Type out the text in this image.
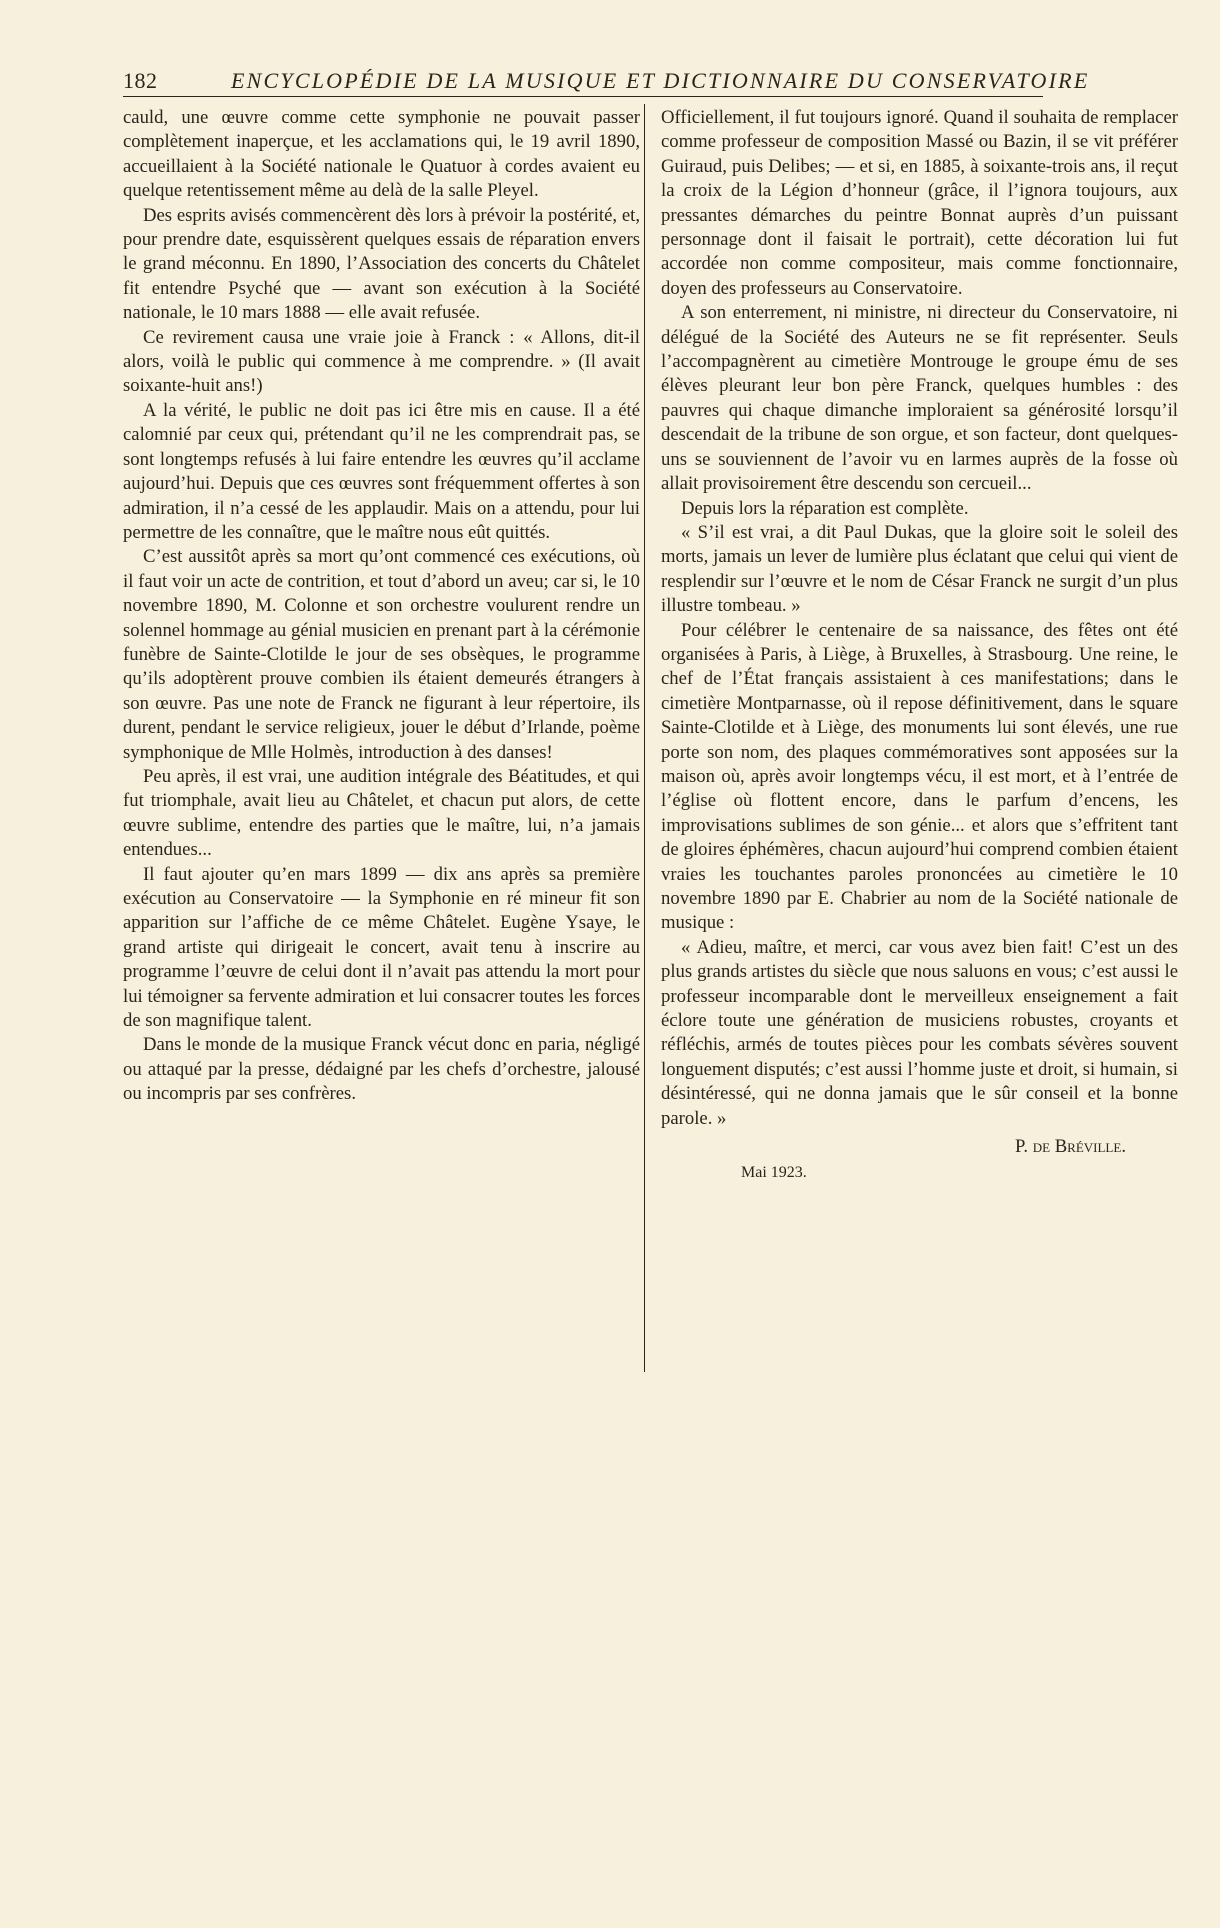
182	ENCYCLOPÉDIE DE LA MUSIQUE ET DICTIONNAIRE DU CONSERVATOIRE

cauld, une œuvre comme cette symphonie ne pouvait passer complètement inaperçue, et les acclamations qui, le 19 avril 1890, accueillaient à la Société nationale le Quatuor à cordes avaient eu quelque retentissement même au delà de la salle Pleyel.

Des esprits avisés commencèrent dès lors à prévoir la postérité, et, pour prendre date, esquissèrent quelques essais de réparation envers le grand méconnu. En 1890, l’Association des concerts du Châtelet fit entendre Psyché que — avant son exécution à la Société nationale, le 10 mars 1888 — elle avait refusée.

Ce revirement causa une vraie joie à Franck : « Allons, dit-il alors, voilà le public qui commence à me comprendre. » (Il avait soixante-huit ans!)

A la vérité, le public ne doit pas ici être mis en cause. Il a été calomnié par ceux qui, prétendant qu’il ne les comprendrait pas, se sont longtemps refusés à lui faire entendre les œuvres qu’il acclame aujourd’hui. Depuis que ces œuvres sont fréquemment offertes à son admiration, il n’a cessé de les applaudir. Mais on a attendu, pour lui permettre de les connaître, que le maître nous eût quittés.

C’est aussitôt après sa mort qu’ont commencé ces exécutions, où il faut voir un acte de contrition, et tout d’abord un aveu; car si, le 10 novembre 1890, M. Colonne et son orchestre voulurent rendre un solennel hommage au génial musicien en prenant part à la cérémonie funèbre de Sainte-Clotilde le jour de ses obsèques, le programme qu’ils adoptèrent prouve combien ils étaient demeurés étrangers à son œuvre. Pas une note de Franck ne figurant à leur répertoire, ils durent, pendant le service religieux, jouer le début d’Irlande, poème symphonique de Mlle Holmès, introduction à des danses!

Peu après, il est vrai, une audition intégrale des Béatitudes, et qui fut triomphale, avait lieu au Châtelet, et chacun put alors, de cette œuvre sublime, entendre des parties que le maître, lui, n’a jamais entendues...

Il faut ajouter qu’en mars 1899 — dix ans après sa première exécution au Conservatoire — la Symphonie en ré mineur fit son apparition sur l’affiche de ce même Châtelet. Eugène Ysaye, le grand artiste qui dirigeait le concert, avait tenu à inscrire au programme l’œuvre de celui dont il n’avait pas attendu la mort pour lui témoigner sa fervente admiration et lui consacrer toutes les forces de son magnifique talent.

Dans le monde de la musique Franck vécut donc en paria, négligé ou attaqué par la presse, dédaigné par les chefs d’orchestre, jalousé ou incompris par ses confrères.

Officiellement, il fut toujours ignoré. Quand il souhaita de remplacer comme professeur de composition Massé ou Bazin, il se vit préférer Guiraud, puis Delibes; — et si, en 1885, à soixante-trois ans, il reçut la croix de la Légion d’honneur (grâce, il l’ignora toujours, aux pressantes démarches du peintre Bonnat auprès d’un puissant personnage dont il faisait le portrait), cette décoration lui fut accordée non comme compositeur, mais comme fonctionnaire, doyen des professeurs au Conservatoire.

A son enterrement, ni ministre, ni directeur du Conservatoire, ni délégué de la Société des Auteurs ne se fit représenter. Seuls l’accompagnèrent au cimetière Montrouge le groupe ému de ses élèves pleurant leur bon père Franck, quelques humbles : des pauvres qui chaque dimanche imploraient sa générosité lorsqu’il descendait de la tribune de son orgue, et son facteur, dont quelques-uns se souviennent de l’avoir vu en larmes auprès de la fosse où allait provisoirement être descendu son cercueil...

Depuis lors la réparation est complète.

« S’il est vrai, a dit Paul Dukas, que la gloire soit le soleil des morts, jamais un lever de lumière plus éclatant que celui qui vient de resplendir sur l’œuvre et le nom de César Franck ne surgit d’un plus illustre tombeau. »

Pour célébrer le centenaire de sa naissance, des fêtes ont été organisées à Paris, à Liège, à Bruxelles, à Strasbourg. Une reine, le chef de l’État français assistaient à ces manifestations; dans le cimetière Montparnasse, où il repose définitivement, dans le square Sainte-Clotilde et à Liège, des monuments lui sont élevés, une rue porte son nom, des plaques commémoratives sont apposées sur la maison où, après avoir longtemps vécu, il est mort, et à l’entrée de l’église où flottent encore, dans le parfum d’encens, les improvisations sublimes de son génie... et alors que s’effritent tant de gloires éphémères, chacun aujourd’hui comprend combien étaient vraies les touchantes paroles prononcées au cimetière le 10 novembre 1890 par E. Chabrier au nom de la Société nationale de musique :

« Adieu, maître, et merci, car vous avez bien fait! C’est un des plus grands artistes du siècle que nous saluons en vous; c’est aussi le professeur incomparable dont le merveilleux enseignement a fait éclore toute une génération de musiciens robustes, croyants et réfléchis, armés de toutes pièces pour les combats sévères souvent longuement disputés; c’est aussi l’homme juste et droit, si humain, si désintéressé, qui ne donna jamais que le sûr conseil et la bonne parole. »

P. de Bréville.
Mai 1923.
